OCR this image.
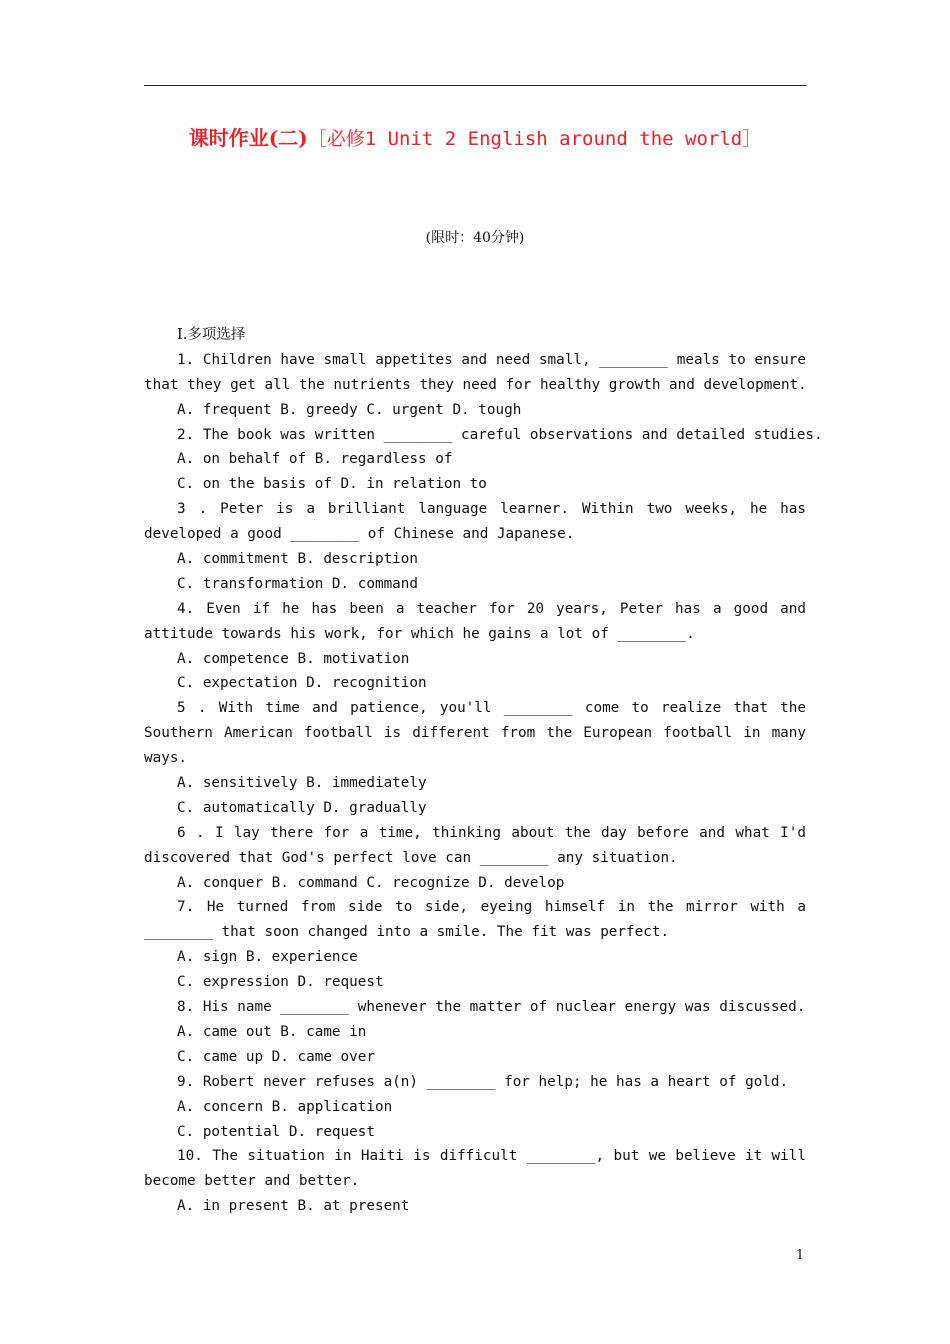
课时作业(二)［必修1 Unit 2 English around the world］
(限时：40分钟)
Ⅰ.多项选择
1. Children have small appetites and need small, ________ meals to ensure
that they get all the nutrients they need for healthy growth and development.
A. frequent B. greedy C. urgent D. tough
2. The book was written ________ careful observations and detailed studies.
A. on behalf of B. regardless of
C. on the basis of D. in relation to
3 . Peter is a brilliant language learner. Within two weeks, he has
developed a good ________ of Chinese and Japanese.
A. commitment B. description
C. transformation D. command
4. Even if he has been a teacher for 20 years, Peter has a good and
attitude towards his work, for which he gains a lot of ________.
A. competence B. motivation
C. expectation D. recognition
5 . With time and patience, you'll ________ come to realize that the
Southern American football is different from the European football in many
ways.
A. sensitively B. immediately
C. automatically D. gradually
6 . I lay there for a time, thinking about the day before and what I'd
discovered that God's perfect love can ________ any situation.
A. conquer B. command C. recognize D. develop
7. He turned from side to side, eyeing himself in the mirror with a
________ that soon changed into a smile. The fit was perfect.
A. sign B. experience
C. expression D. request
8. His name ________ whenever the matter of nuclear energy was discussed.
A. came out B. came in
C. came up D. came over
9. Robert never refuses a(n) ________ for help; he has a heart of gold.
A. concern B. application
C. potential D. request
10. The situation in Haiti is difficult ________, but we believe it will
become better and better.
A. in present B. at present
1
